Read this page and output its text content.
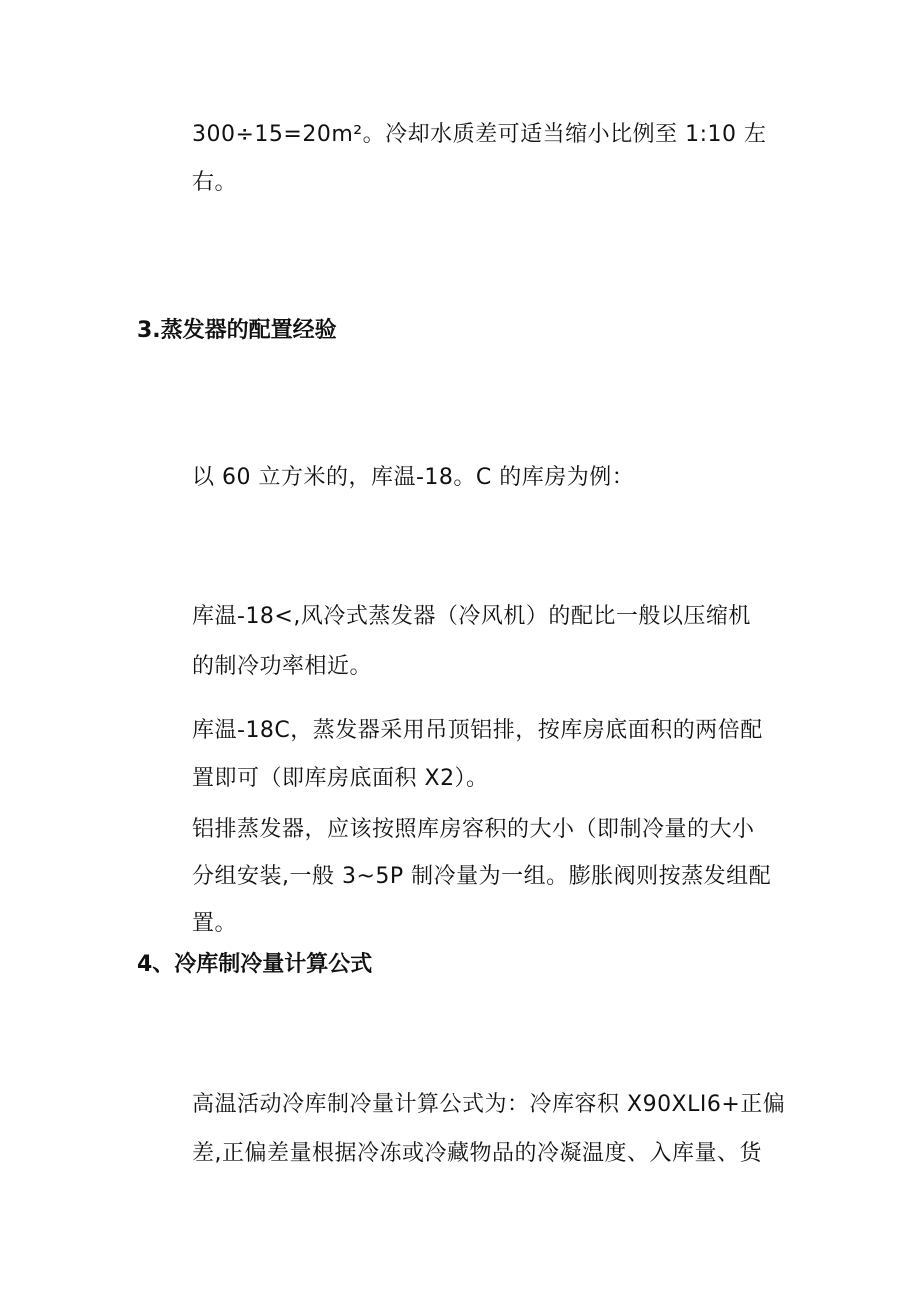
300÷15=20m²。冷却水质差可适当缩小比例至 1:10 左
右。
3.蒸发器的配置经验
以 60 立方米的，库温-18。C 的库房为例：
库温-18<,风冷式蒸发器（冷风机）的配比一般以压缩机
的制冷功率相近。
库温-18C，蒸发器采用吊顶铝排，按库房底面积的两倍配
置即可（即库房底面积 X2）。
铝排蒸发器，应该按照库房容积的大小（即制冷量的大小
分组安装,一般 3~5P 制冷量为一组。膨胀阀则按蒸发组配
置。
4、冷库制冷量计算公式
高温活动冷库制冷量计算公式为：冷库容积 X90XLI6+正偏
差,正偏差量根据冷冻或冷藏物品的冷凝温度、入库量、货
